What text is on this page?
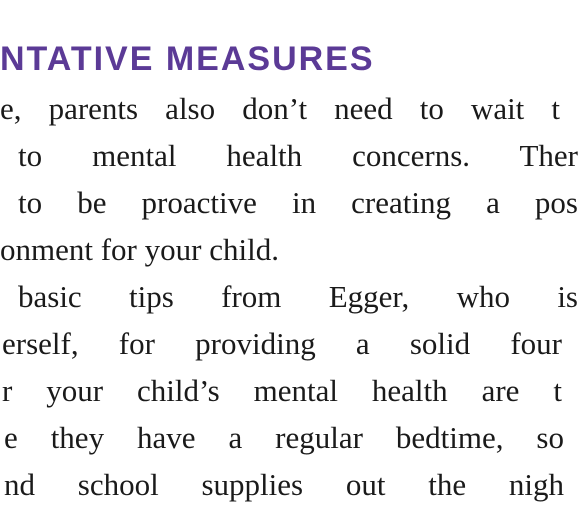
NTATIVE MEASURES

e, parents also don’t need to wait t

to mental health concerns. Ther

to be proactive in creating a pos

onment for your child.

basic tips from Egger, who is

erself, for providing a solid four

r your child’s mental health are t

e they have a regular bedtime, so

nd school supplies out the nigh
